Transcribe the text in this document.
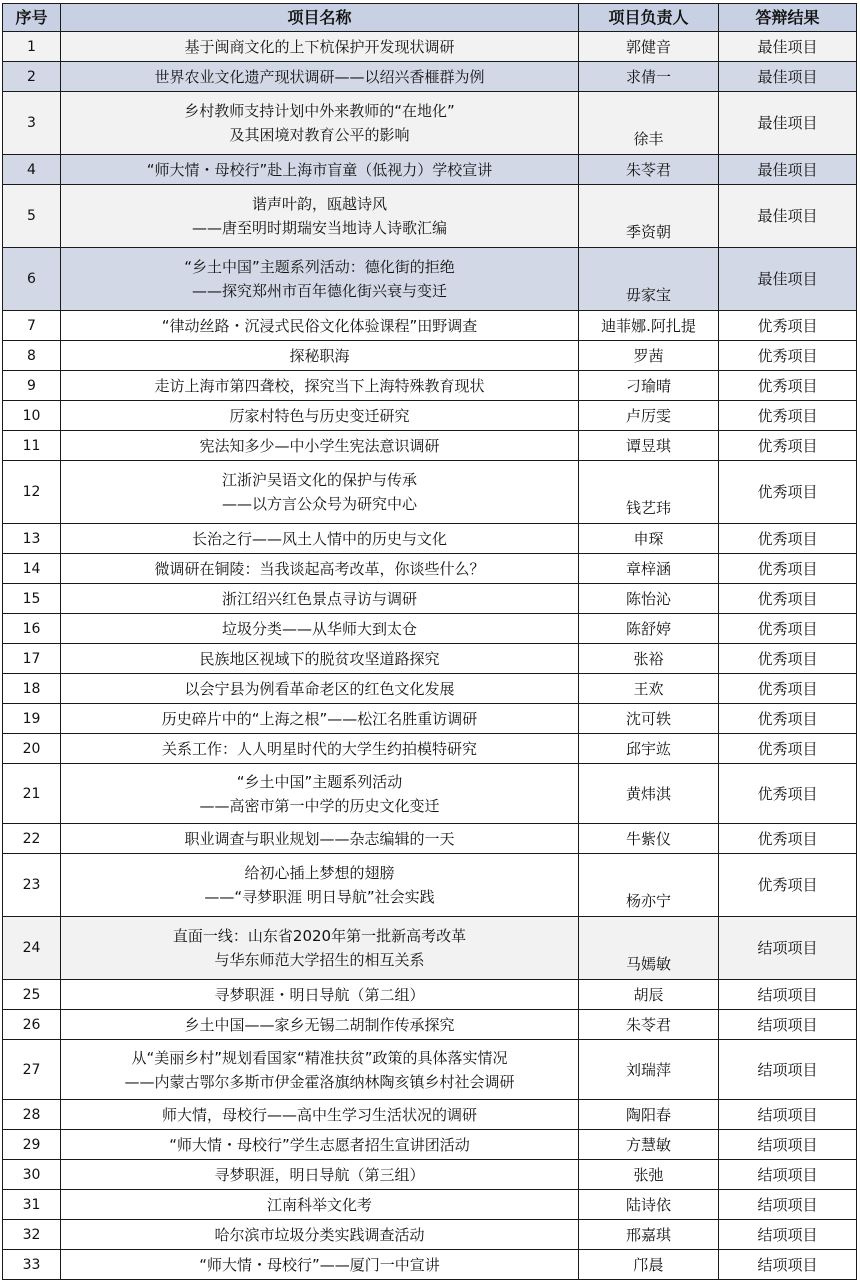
序号	项目名称	项目负责人	答辩结果
1	基于闽商文化的上下杭保护开发现状调研	郭健音	最佳项目
2	世界农业文化遗产现状调研——以绍兴香榧群为例	求倩一	最佳项目
3	乡村教师支持计划中外来教师的“在地化”
及其困境对教育公平的影响	徐丰	最佳项目
4	“师大情・母校行”赴上海市盲童（低视力）学校宣讲	朱苓君	最佳项目
5	谐声叶韵，瓯越诗风
——唐至明时期瑞安当地诗人诗歌汇编	季资朝	最佳项目
6	“乡土中国”主题系列活动：德化街的拒绝
——探究郑州市百年德化街兴衰与变迁	毋家宝	最佳项目
7	“律动丝路・沉浸式民俗文化体验课程”田野调查	迪菲娜.阿扎提	优秀项目
8	探秘职海	罗茜	优秀项目
9	走访上海市第四聋校，探究当下上海特殊教育现状	刁瑜晴	优秀项目
10	厉家村特色与历史变迁研究	卢厉雯	优秀项目
11	宪法知多少—中小学生宪法意识调研	谭昱琪	优秀项目
12	江浙沪吴语文化的保护与传承
——以方言公众号为研究中心	钱艺玮	优秀项目
13	长治之行——风土人情中的历史与文化	申琛	优秀项目
14	微调研在铜陵：当我谈起高考改革，你谈些什么？	章梓涵	优秀项目
15	浙江绍兴红色景点寻访与调研	陈怡沁	优秀项目
16	垃圾分类——从华师大到太仓	陈舒婷	优秀项目
17	民族地区视域下的脱贫攻坚道路探究	张裕	优秀项目
18	以会宁县为例看革命老区的红色文化发展	王欢	优秀项目
19	历史碎片中的“上海之根”——松江名胜重访调研	沈可轶	优秀项目
20	关系工作：人人明星时代的大学生约拍模特研究	邱宇竑	优秀项目
21	“乡土中国”主题系列活动
——高密市第一中学的历史文化变迁	黄炜淇	优秀项目
22	职业调查与职业规划——杂志编辑的一天	牛紫仪	优秀项目
23	给初心插上梦想的翅膀
——“寻梦职涯 明日导航”社会实践	杨亦宁	优秀项目
24	直面一线：山东省2020年第一批新高考改革
与华东师范大学招生的相互关系	马嫣敏	结项项目
25	寻梦职涯・明日导航（第二组）	胡辰	结项项目
26	乡土中国——家乡无锡二胡制作传承探究	朱苓君	结项项目
27	从“美丽乡村”规划看国家“精准扶贫”政策的具体落实情况
——内蒙古鄂尔多斯市伊金霍洛旗纳林陶亥镇乡村社会调研	刘瑞萍	结项项目
28	师大情，母校行——高中生学习生活状况的调研	陶阳春	结项项目
29	“师大情・母校行”学生志愿者招生宣讲团活动	方慧敏	结项项目
30	寻梦职涯，明日导航（第三组）	张弛	结项项目
31	江南科举文化考	陆诗依	结项项目
32	哈尔滨市垃圾分类实践调查活动	邢嘉琪	结项项目
33	“师大情・母校行”——厦门一中宣讲	邝晨	结项项目
